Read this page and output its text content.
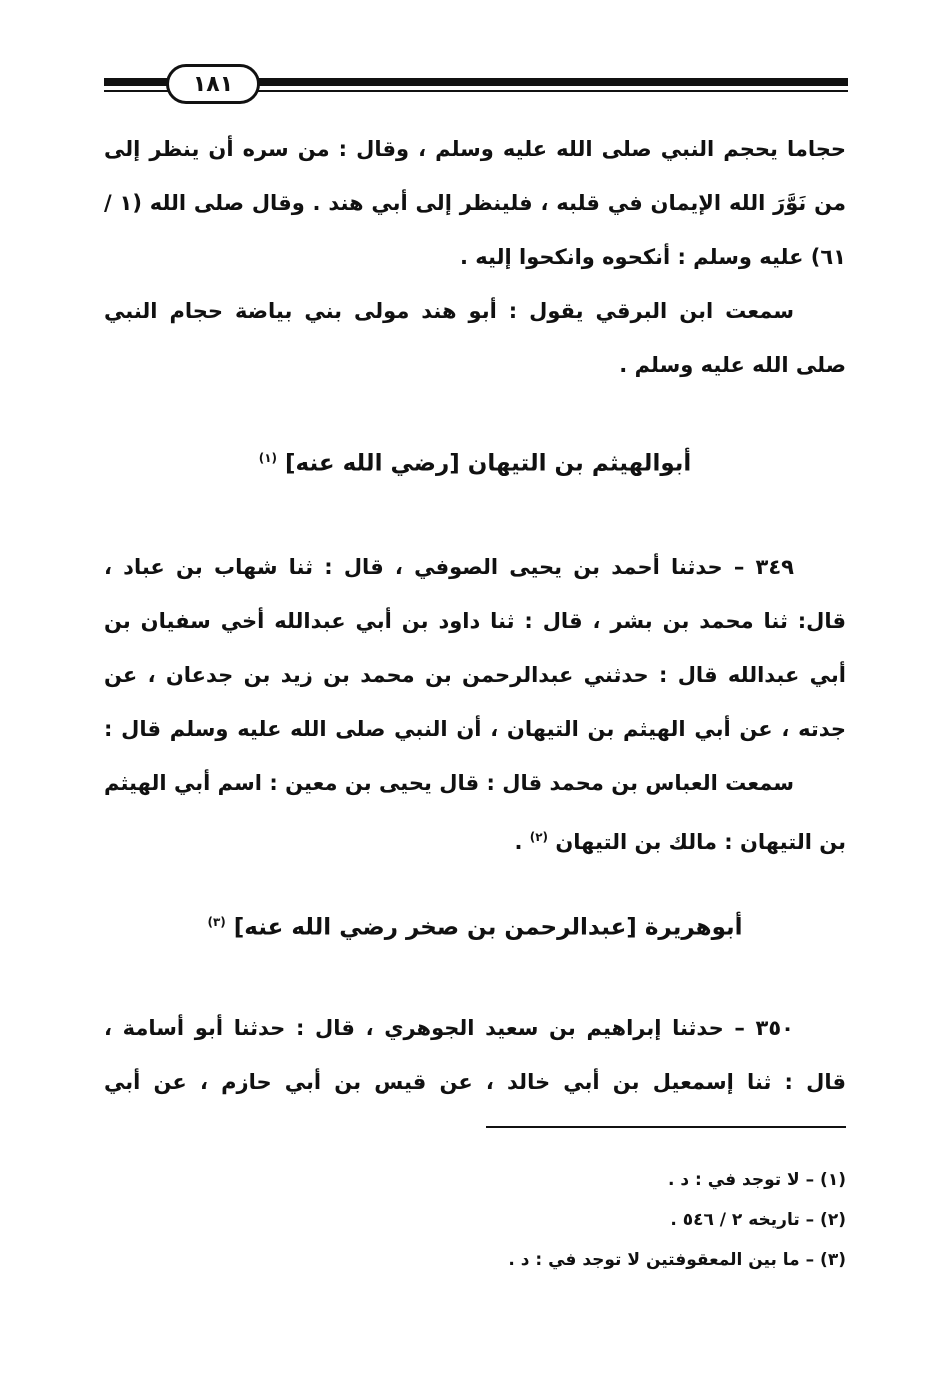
١٨١

حجاما يحجم النبي صلى الله عليه وسلم ، وقال : من سره أن ينظر إلى من نَوَّرَ الله الإيمان في قلبه ، فلينظر إلى أبي هند . وقال صلى الله (١ / ٦١) عليه وسلم : أنكحوه وانكحوا إليه .

سمعت ابن البرقي يقول : أبو هند مولى بني بياضة حجام النبي صلى الله عليه وسلم .

أبوالهيثم بن التيهان [رضي الله عنه] $^{(١)}$

٣٤٩ – حدثنا أحمد بن يحيى الصوفي ، قال : ثنا شهاب بن عباد ، قال: ثنا محمد بن بشر ، قال : ثنا داود بن أبي عبدالله أخي سفيان بن أبي عبدالله قال : حدثني عبدالرحمن بن محمد بن زيد بن جدعان ، عن جدته ، عن أبي الهيثم بن التيهان ، أن النبي صلى الله عليه وسلم قال :

سمعت العباس بن محمد قال : قال يحيى بن معين : اسم أبي الهيثم بن التيهان : مالك بن التيهان $^{(٢)}$ .

أبوهريرة [عبدالرحمن بن صخر رضي الله عنه] $^{(٣)}$

٣٥٠ – حدثنا إبراهيم بن سعيد الجوهري ، قال : حدثنا أبو أسامة ، قال : ثنا إسمعيل بن أبي خالد ، عن قيس بن أبي حازم ، عن أبي

(١) – لا توجد في : د .

(٢) – تاريخه ٢ / ٥٤٦ .

(٣) – ما بين المعقوفتين لا توجد في : د .
